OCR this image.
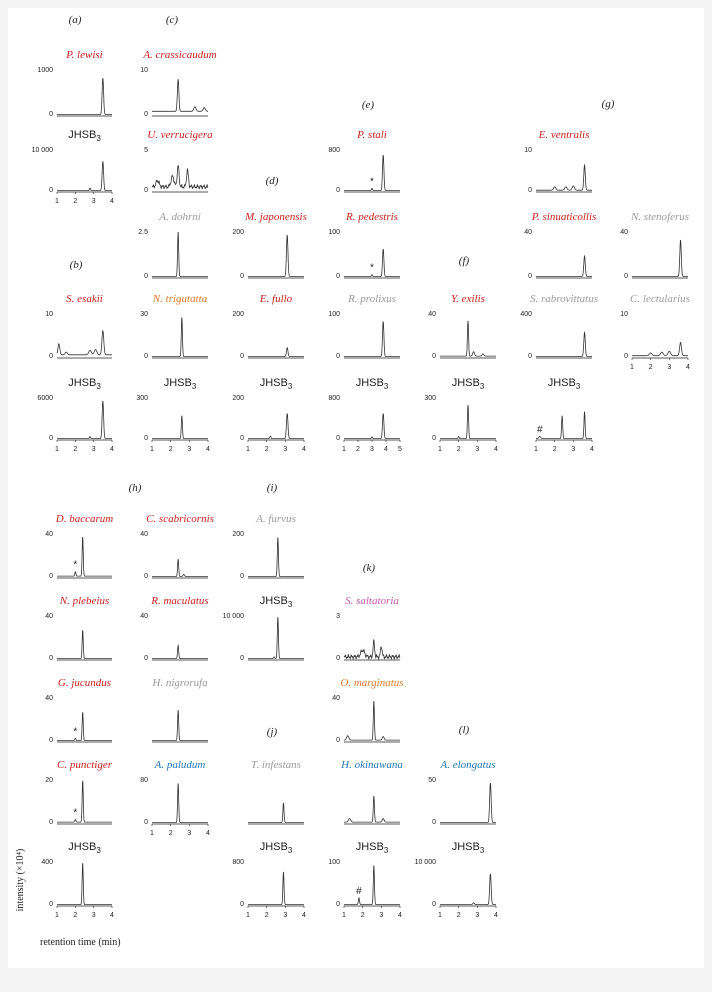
(a)
(b)
(c)
(d)
(e)
(f)
(g)
(h)	(i)
(j)
(k)
(l)
intensity (×10⁴)
retention time (min)
P. lewisi
0
1000
$JHSB_3$
0
10 000
1 2 3 4
A. crassicaudum
0
10
U. verrucigera
0
5
A. dohrni
0
2.5
M. japonensis
0
200
P. stali
0
800
*
R. pedestris
0
100
*
E. ventralis
0
10
P. sinuaticollis
0
40
N. stenoferus
0
40
S. esakii
0
10
N. trigutatta
0
30
E. fullo
0
200
R. prolixus
0
100
Y. exilis
0
40
S. rabrovittatus
0
400
C. lectularius
0
10
1 2 3 4
$JHSB_3$
0
6000
1 2 3 4
$JHSB_3$
0
300
1 2 3 4
$JHSB_3$
0
200
1 2 3 4
$JHSB_3$
0
800
1 2 3 4 5
$JHSB_3$
0
300
1 2 3 4
$JHSB_3$
1 2 3 4
#
D. baccarum
0
40
*
C. scabricornis
0
40
A. furvus
0
200
N. plebeius
0
40
R. maculatus
0
40
$JHSB_3$
0
10 000
S. saltatoria
0
3
G. jucundus
0
40
*
H. nigrorufa	O. marginatus
0
40
C. punctiger
0
20
*
A. paludum
0
80
1 2 3 4
T. infestans	H. okinawana	A. elongatus
0
50
$JHSB_3$
0
400
1 2 3 4
$JHSB_3$
0
800
1 2 3 4
$JHSB_3$
0
100
1 2 3 4
#
$JHSB_3$
0
10 000
1 2 3 4
